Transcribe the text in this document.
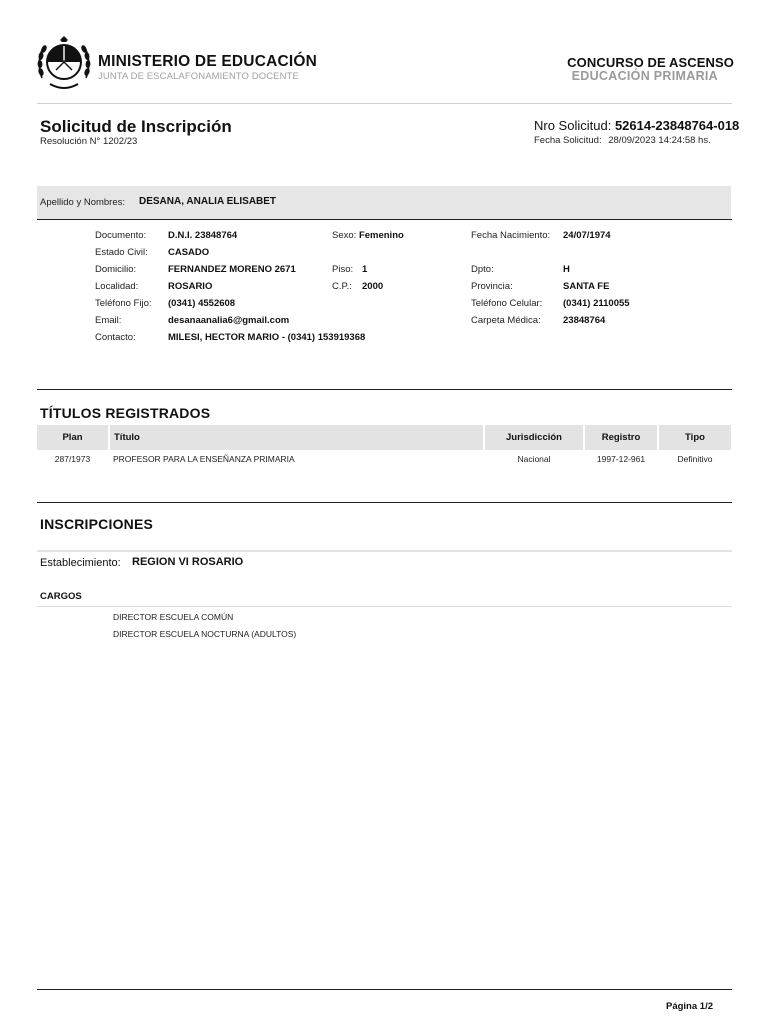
MINISTERIO DE EDUCACIÓN
JUNTA DE ESCALAFONAMIENTO DOCENTE
CONCURSO DE ASCENSO
EDUCACIÓN PRIMARIA
Solicitud de Inscripción
Resolución N° 1202/23
Nro Solicitud: 52614-23848764-018
Fecha Solicitud: 28/09/2023 14:24:58 hs.
Apellido y Nombres: DESANA, ANALIA ELISABET
Documento: D.N.I. 23848764	Sexo: Femenino	Fecha Nacimiento: 24/07/1974
Estado Civil: CASADO
Domicilio:	FERNANDEZ MORENO 2671	Piso: 1	Dpto:	H
Localidad:	ROSARIO	C.P.: 2000	Provincia:	SANTA FE
Teléfono Fijo: (0341) 4552608	Teléfono Celular: (0341) 2110055
Email:	desanaanalia6@gmail.com	Carpeta Médica: 23848764
Contacto:	MILESI, HECTOR MARIO - (0341) 153919368
TÍTULOS REGISTRADOS
Plan	Título	Jurisdicción	Registro	Tipo
287/1973	PROFESOR PARA LA ENSEÑANZA PRIMARIA	Nacional	1997-12-961	Definitivo
INSCRIPCIONES
Establecimiento: REGION VI ROSARIO
CARGOS
DIRECTOR ESCUELA COMÚN
DIRECTOR ESCUELA NOCTURNA (ADULTOS)
Página 1/2
